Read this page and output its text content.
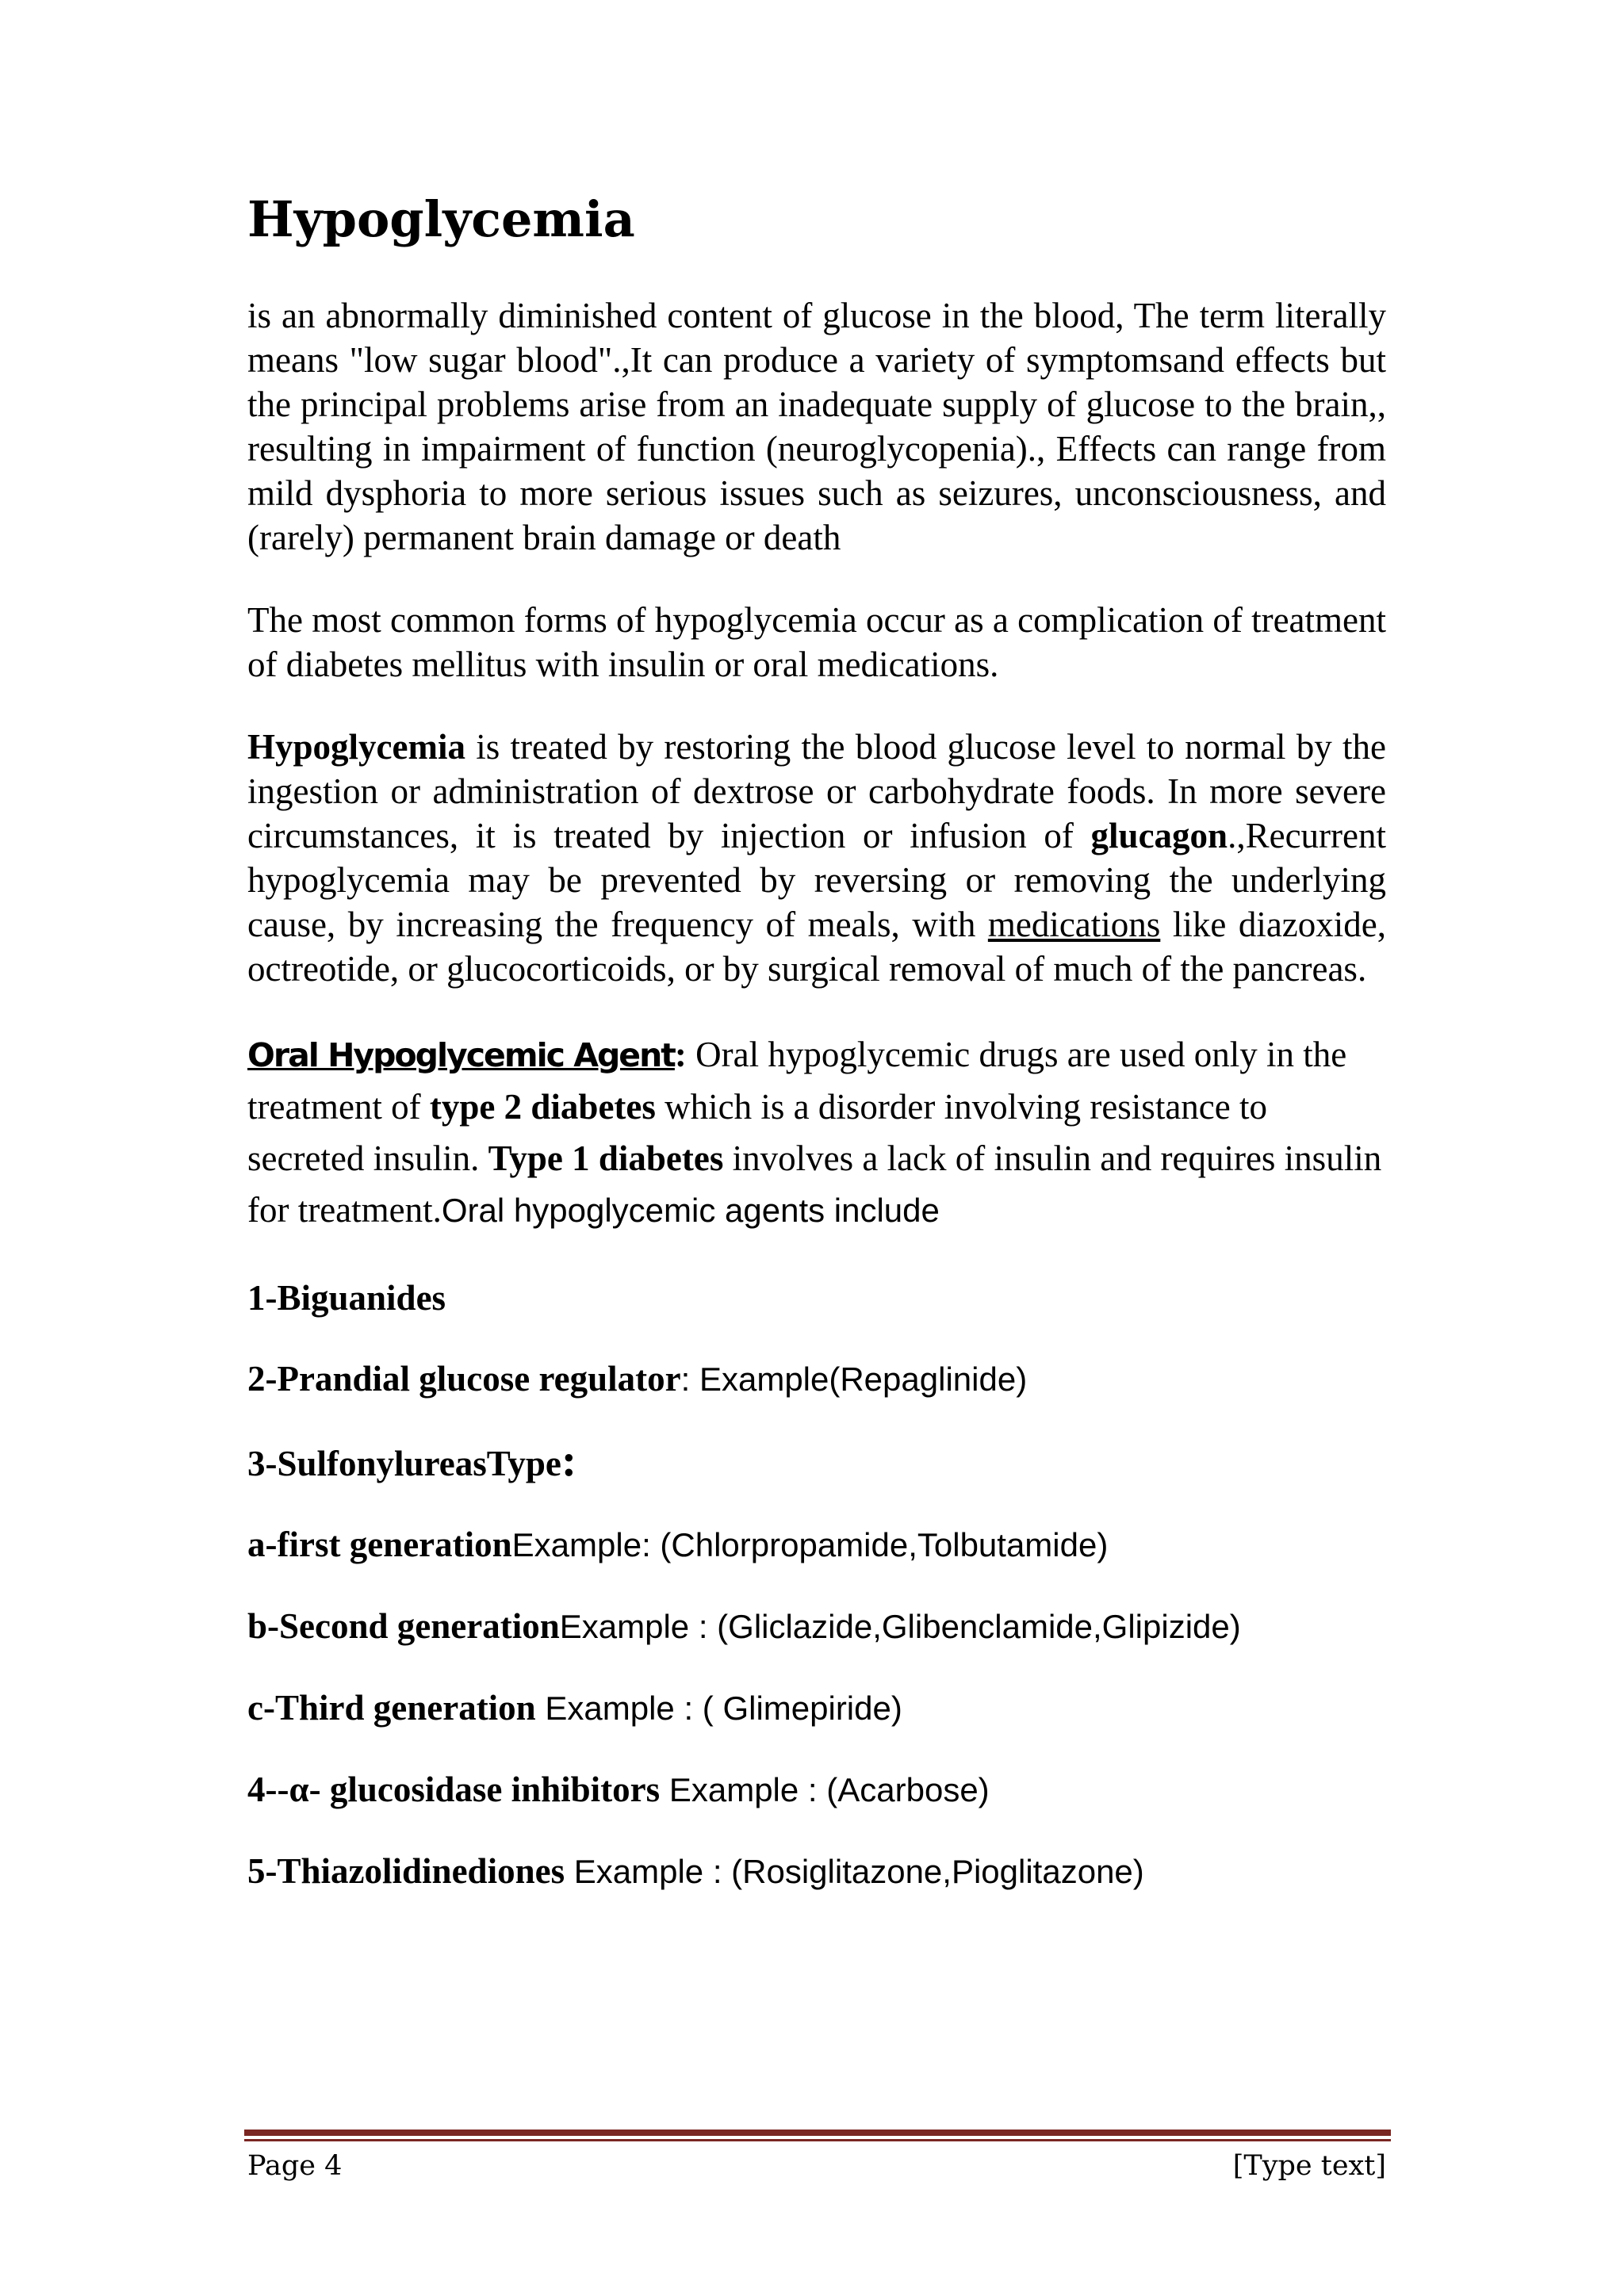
Hypoglycemia

is an abnormally diminished content of glucose in the blood, The term literally means "low sugar blood".,It can produce a variety of symptomsand effects but the principal problems arise from an inadequate supply of glucose to the brain,, resulting in impairment of function (neuroglycopenia)., Effects can range from mild dysphoria to more serious issues such as seizures, unconsciousness, and (rarely) permanent brain damage or death

The most common forms of hypoglycemia occur as a complication of treatment of diabetes mellitus with insulin or oral medications.

Hypoglycemia is treated by restoring the blood glucose level to normal by the ingestion or administration of dextrose or carbohydrate foods. In more severe circumstances, it is treated by injection or infusion of glucagon.,Recurrent hypoglycemia may be prevented by reversing or removing the underlying cause, by increasing the frequency of meals, with medications like diazoxide, octreotide, or glucocorticoids, or by surgical removal of much of the pancreas.

Oral Hypoglycemic Agent: Oral hypoglycemic drugs are used only in the treatment of type 2 diabetes which is a disorder involving resistance to secreted insulin. Type 1 diabetes involves a lack of insulin and requires insulin for treatment.Oral hypoglycemic agents include

1-Biguanides

2-Prandial glucose regulator: Example(Repaglinide)

3-SulfonylureasType:

a-first generationExample: (Chlorpropamide,Tolbutamide)

b-Second generationExample : (Gliclazide,Glibenclamide,Glipizide)

c-Third generation Example : ( Glimepiride)

4--α- glucosidase inhibitors Example : (Acarbose)

5-Thiazolidinediones Example : (Rosiglitazone,Pioglitazone)

Page 4	[Type text]
